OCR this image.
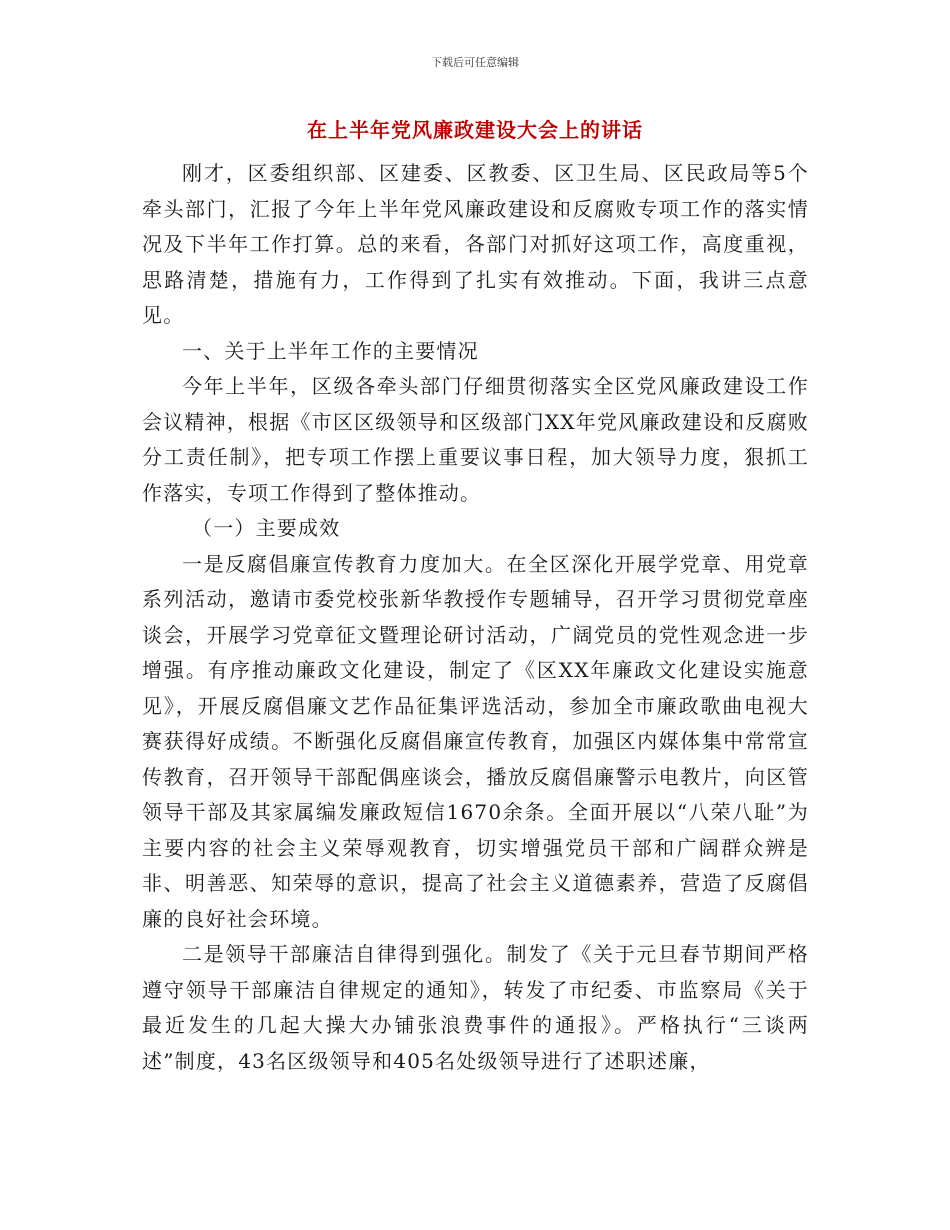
下载后可任意编辑
在上半年党风廉政建设大会上的讲话

刚才，区委组织部、区建委、区教委、区卫生局、区民政局等5个牵头部门，汇报了今年上半年党风廉政建设和反腐败专项工作的落实情况及下半年工作打算。总的来看，各部门对抓好这项工作，高度重视，思路清楚，措施有力，工作得到了扎实有效推动。下面，我讲三点意见。

一、关于上半年工作的主要情况

今年上半年，区级各牵头部门仔细贯彻落实全区党风廉政建设工作会议精神，根据《市区区级领导和区级部门XX年党风廉政建设和反腐败分工责任制》，把专项工作摆上重要议事日程，加大领导力度，狠抓工作落实，专项工作得到了整体推动。

（一）主要成效

一是反腐倡廉宣传教育力度加大。在全区深化开展学党章、用党章系列活动，邀请市委党校张新华教授作专题辅导，召开学习贯彻党章座谈会，开展学习党章征文暨理论研讨活动，广阔党员的党性观念进一步增强。有序推动廉政文化建设，制定了《区XX年廉政文化建设实施意见》，开展反腐倡廉文艺作品征集评选活动，参加全市廉政歌曲电视大赛获得好成绩。不断强化反腐倡廉宣传教育，加强区内媒体集中常常宣传教育，召开领导干部配偶座谈会，播放反腐倡廉警示电教片，向区管领导干部及其家属编发廉政短信1670余条。全面开展以“八荣八耻”为主要内容的社会主义荣辱观教育，切实增强党员干部和广阔群众辨是非、明善恶、知荣辱的意识，提高了社会主义道德素养，营造了反腐倡廉的良好社会环境。

二是领导干部廉洁自律得到强化。制发了《关于元旦春节期间严格遵守领导干部廉洁自律规定的通知》，转发了市纪委、市监察局《关于最近发生的几起大操大办铺张浪费事件的通报》。严格执行“三谈两述”制度，43名区级领导和405名处级领导进行了述职述廉，
